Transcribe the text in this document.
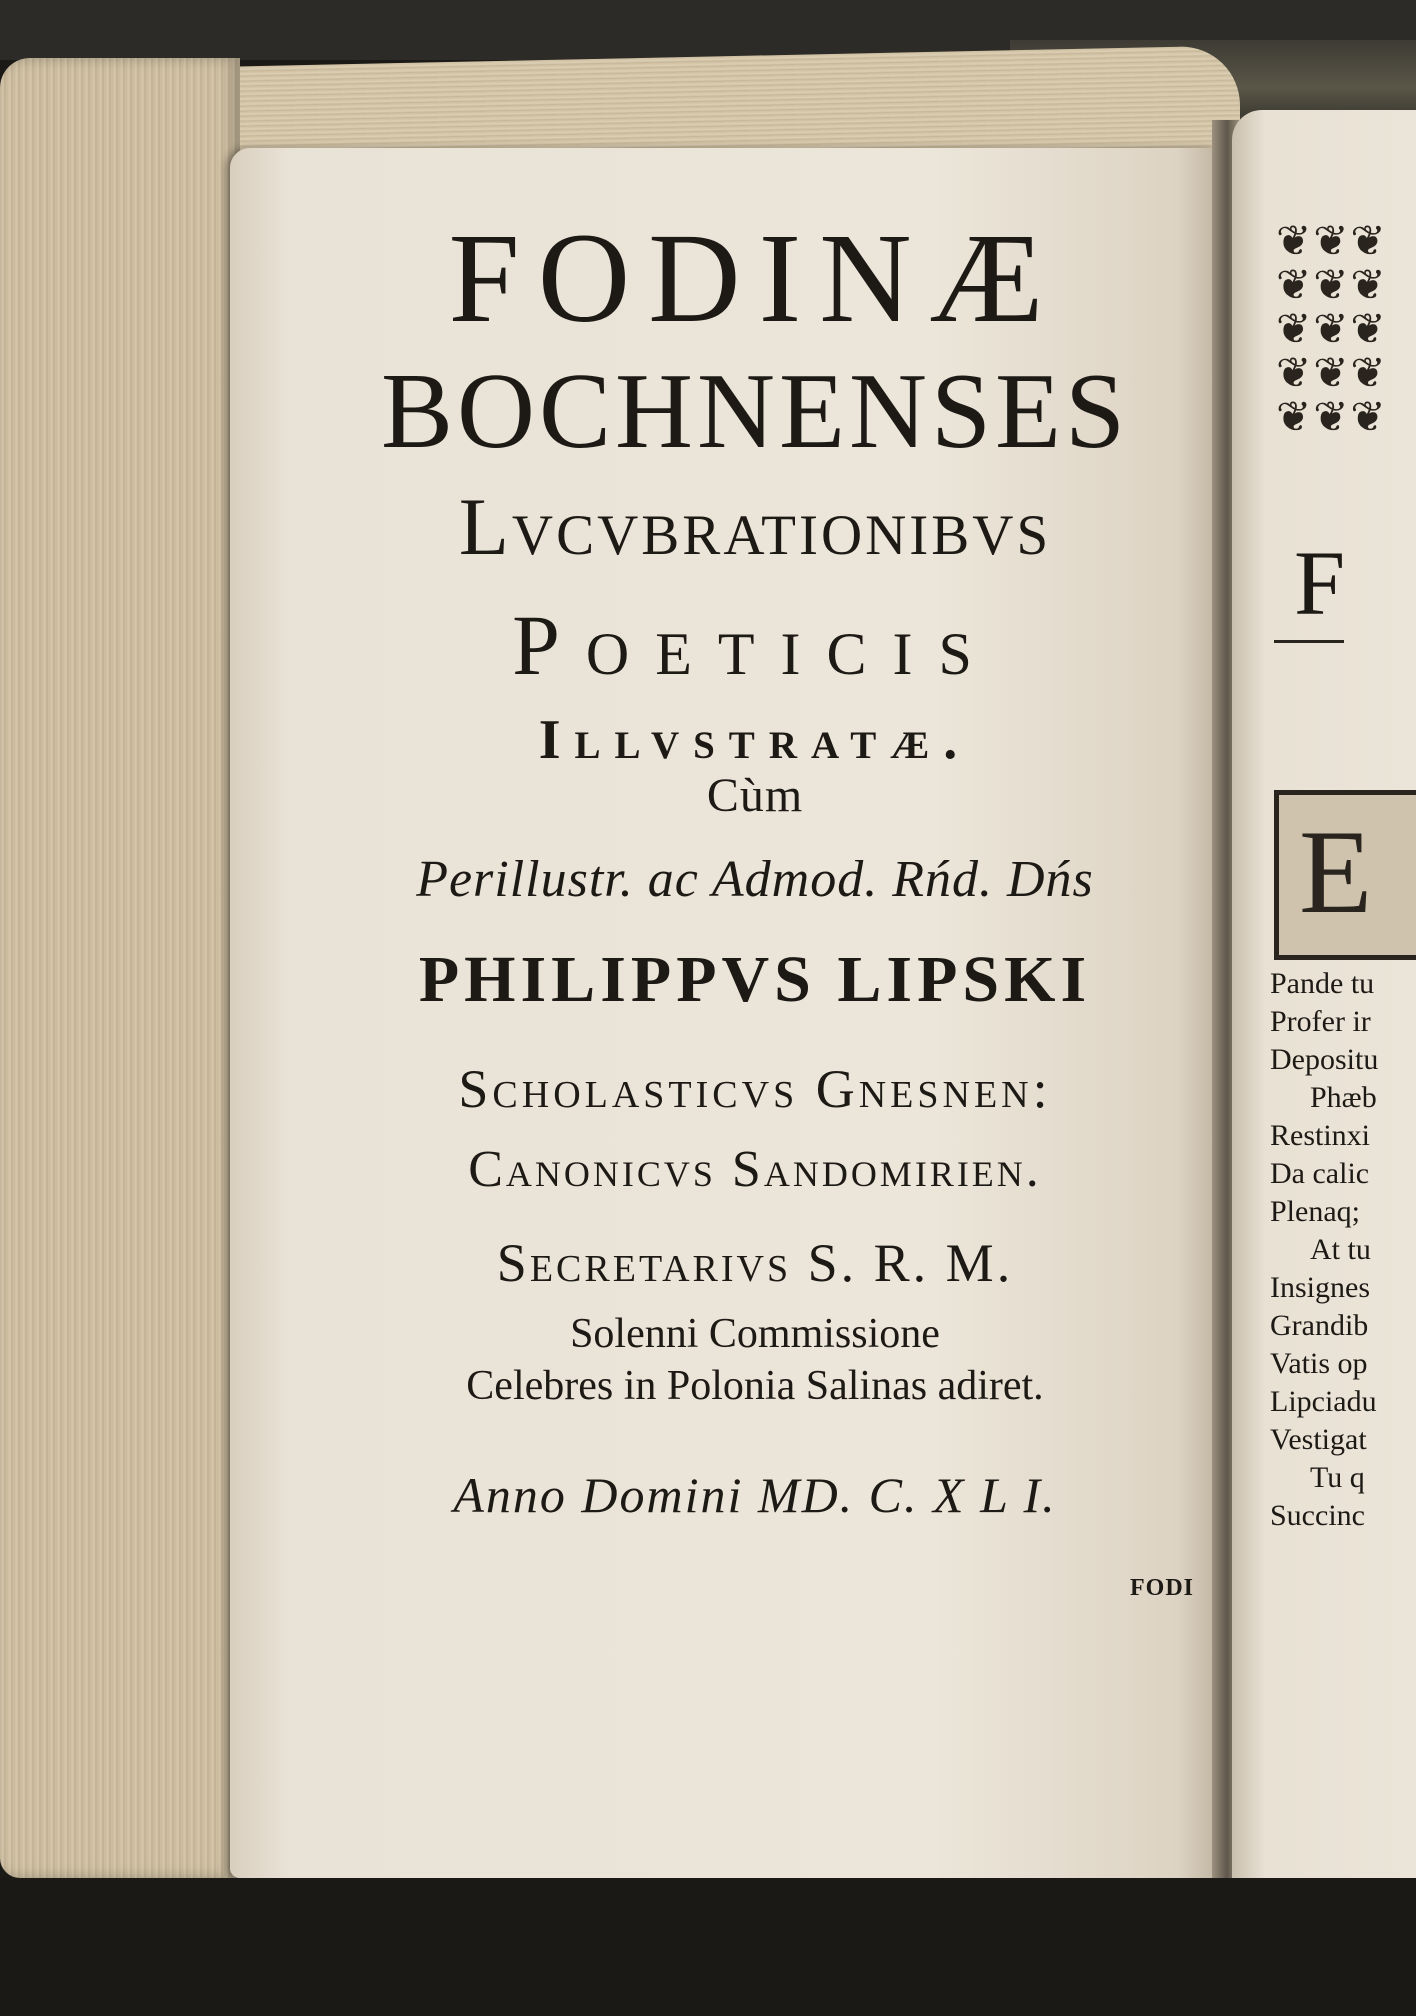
FODINÆ
BOCHNENSES
Lvcvbrationibvs
Poeticis
Illvstratæ.
Cùm
Perillustr. ac Admod. Rńd. Dńs
PHILIPPVS LIPSKI
Scholasticvs Gnesnen:
Canonicvs Sandomirien.
Secretarivs S. R. M.
Solenni Commissione
Celebres in Polonia Salinas adiret.
Anno Domini MD. C. X L I.
FODI
❦❦❦
❦❦❦
❦❦❦
❦❦❦
❦❦❦
F
E
Pande tu
Profer ir
Depositu
Phæb
Restinxi
Da calic
Plenaq;
At tu
Insignes
Grandib
Vatis op
Lipciadu
Vestigat
Tu q
Succinc
